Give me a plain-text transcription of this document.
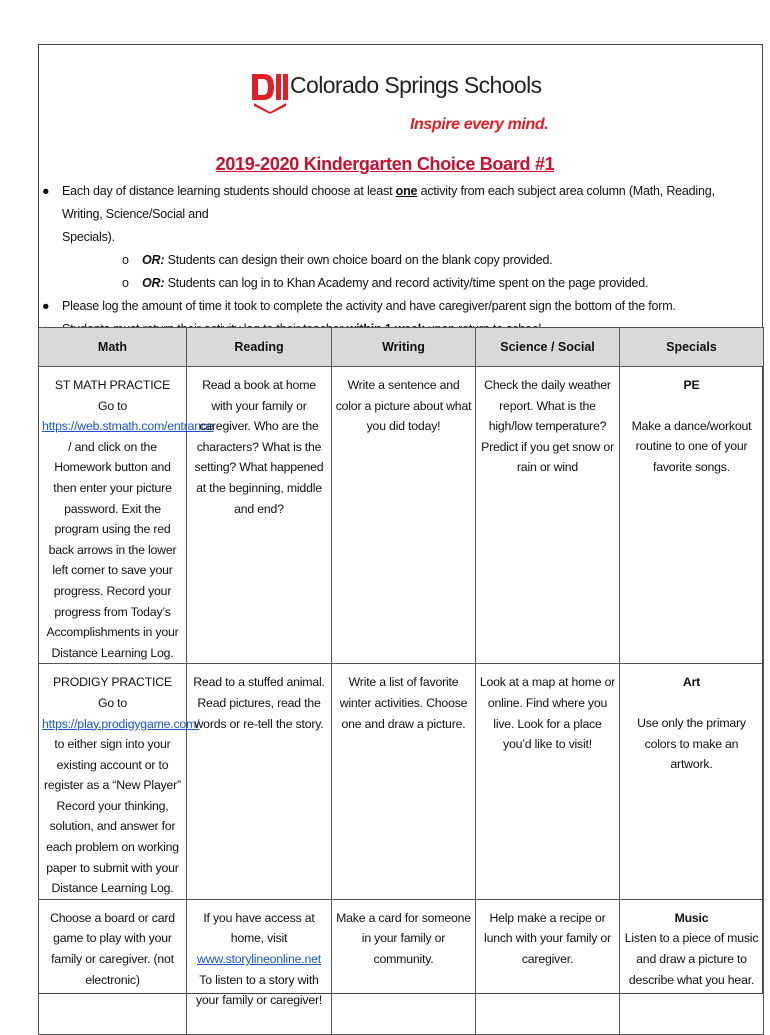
Colorado Springs Schools
Inspire every mind.
2019-2020 Kindergarten Choice Board #1
● Each day of distance learning students should choose at least one activity from each subject area column (Math, Reading, Writing, Science/Social and
Specials).
o OR: Students can design their own choice board on the blank copy provided.
o OR: Students can log in to Khan Academy and record activity/time spent on the page provided.
● Please log the amount of time it took to complete the activity and have caregiver/parent sign the bottom of the form.
Math	Reading	Writing	Science / Social	Specials

ST MATH PRACTICE
Go to
https://web.stmath.com/entrance / and click on the Homework button and then enter your picture password. Exit the program using the red back arrows in the lower left corner to save your progress. Record your progress from Today’s Accomplishments in your Distance Learning Log.	Read a book at home with your family or caregiver. Who are the characters? What is the setting? What happened at the beginning, middle and end?	Write a sentence and color a picture about what you did today!	Check the daily weather report. What is the high/low temperature? Predict if you get snow or rain or wind	PE
Make a dance/workout routine to one of your favorite songs.

PRODIGY PRACTICE
Go to
https://play.prodigygame.com/ to either sign into your existing account or to register as a “New Player” Record your thinking, solution, and answer for each problem on working paper to submit with your Distance Learning Log.	Read to a stuffed animal. Read pictures, read the words or re-tell the story.	Write a list of favorite winter activities. Choose one and draw a picture.	Look at a map at home or online. Find where you live. Look for a place you’d like to visit!	Art
Use only the primary colors to make an artwork.
Choose a board or card game to play with your family or caregiver. (not electronic)	If you have access at home, visit
www.storylineonline.net
To listen to a story with your family or caregiver!	Make a card for someone in your family or community.	Help make a recipe or lunch with your family or caregiver.	Music
Listen to a piece of music and draw a picture to describe what you hear.
